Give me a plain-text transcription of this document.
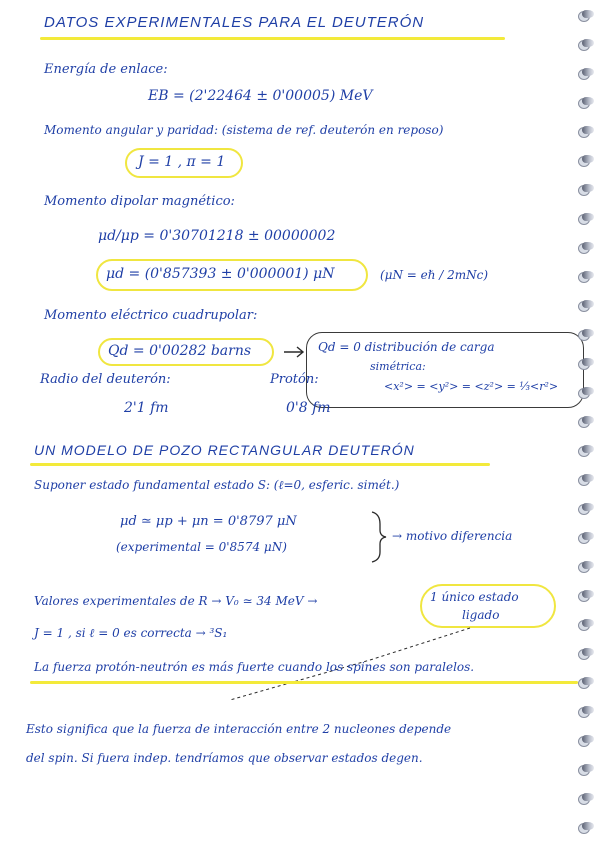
DATOS EXPERIMENTALES PARA EL DEUTERÓN
Energía de enlace:
EB = (2'22464 ± 0'00005) MeV
Momento angular y paridad: (sistema de ref. deuterón en reposo)
J = 1 , π = 1
Momento dipolar magnético:
μd/μp = 0'30701218 ± 00000002
μd = (0'857393 ± 0'000001) μN	(μN = eℏ / 2mNc)
Momento eléctrico cuadrupolar:
Qd = 0'00282 barns	Qd = 0 distribución de carga
simétrica:
<x²> = <y²> = <z²> = ⅓<r²>
Radio del deuterón:	Protón:
2'1 fm	0'8 fm
UN MODELO DE POZO RECTANGULAR DEUTERÓN
Suponer estado fundamental estado S: (ℓ=0, esferic. simét.)
μd ≃ μp + μn = 0'8797 μN
(experimental = 0'8574 μN)
→ motivo diferencia
Valores experimentales de R → V₀ ≃ 34 MeV →	1 único estado
ligado
J = 1 , si ℓ = 0 es correcta → ³S₁
La fuerza protón-neutrón es más fuerte cuando los spines son paralelos.
Esto significa que la fuerza de interacción entre 2 nucleones depende
del spin. Si fuera indep. tendríamos que observar estados degen.
